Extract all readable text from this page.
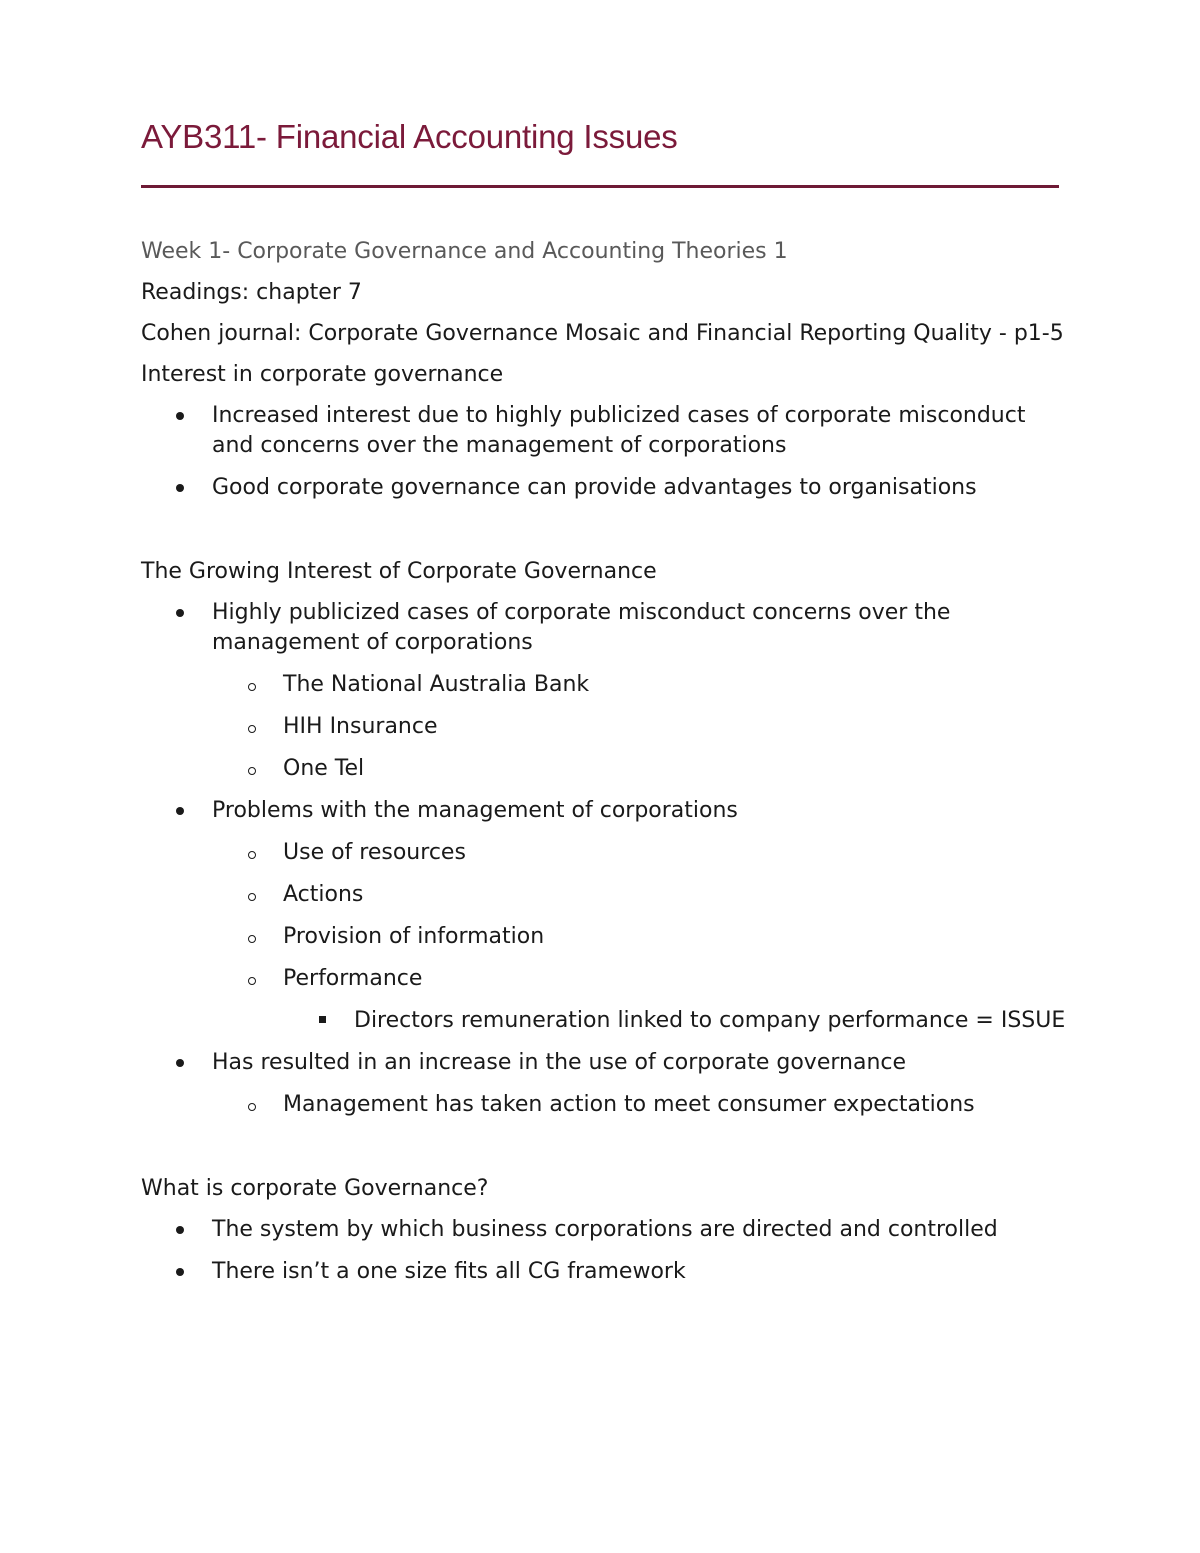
AYB311- Financial Accounting Issues

Week 1- Corporate Governance and Accounting Theories 1

Readings: chapter 7

Cohen journal: Corporate Governance Mosaic and Financial Reporting Quality - p1-5

Interest in corporate governance

Increased interest due to highly publicized cases of corporate misconduct and concerns over the management of corporations
Good corporate governance can provide advantages to organisations

The Growing Interest of Corporate Governance

Highly publicized cases of corporate misconduct concerns over the management of corporations
The National Australia Bank
HIH Insurance
One Tel
Problems with the management of corporations
Use of resources
Actions
Provision of information
Performance
Directors remuneration linked to company performance = ISSUE
Has resulted in an increase in the use of corporate governance
Management has taken action to meet consumer expectations

What is corporate Governance?

The system by which business corporations are directed and controlled
There isn’t a one size fits all CG framework
